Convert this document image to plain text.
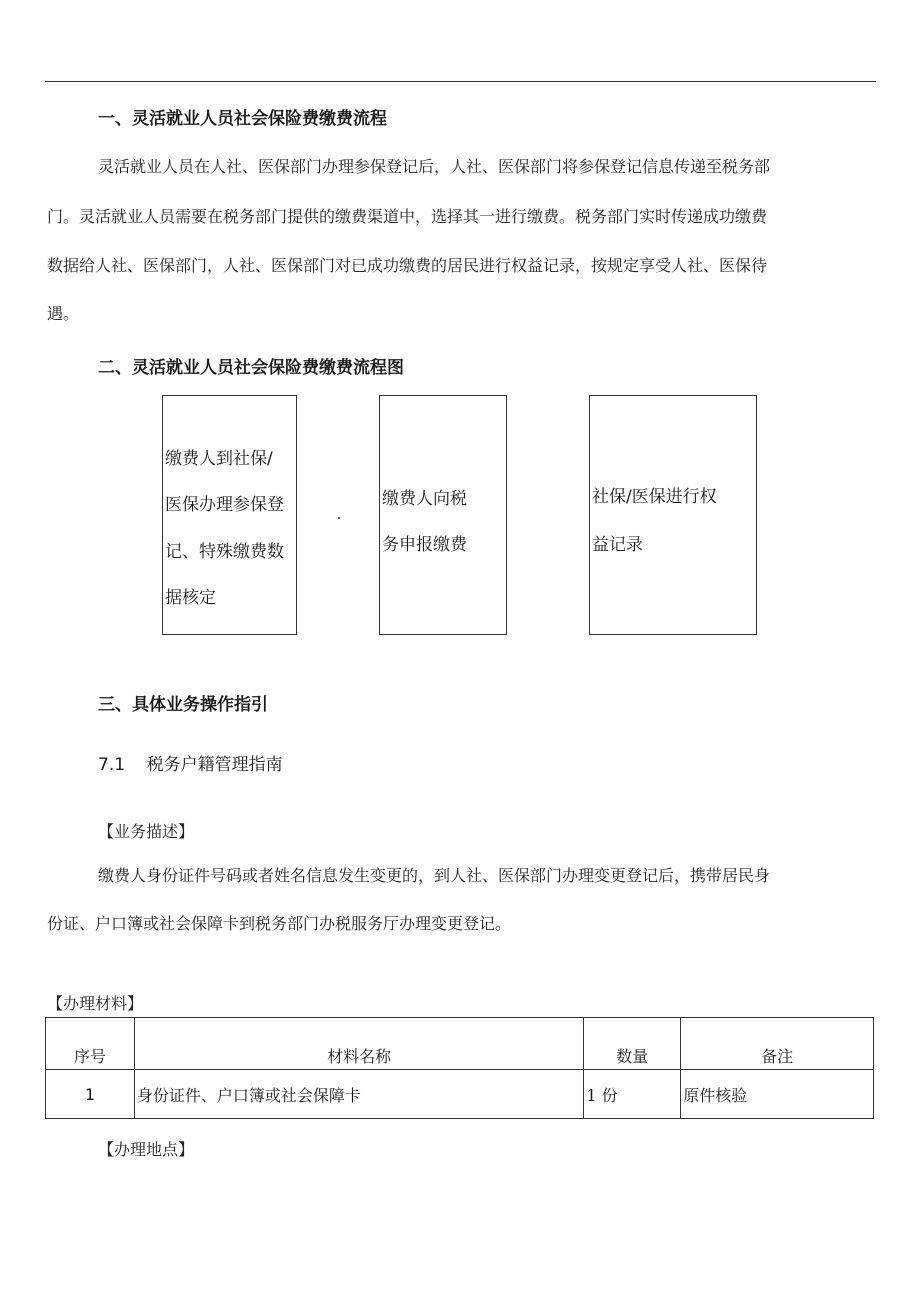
一、灵活就业人员社会保险费缴费流程
灵活就业人员在人社、医保部门办理参保登记后，人社、医保部门将参保登记信息传递至税务部
门。灵活就业人员需要在税务部门提供的缴费渠道中，选择其一进行缴费。税务部门实时传递成功缴费
数据给人社、医保部门，人社、医保部门对已成功缴费的居民进行权益记录，按规定享受人社、医保待
遇。
二、灵活就业人员社会保险费缴费流程图
缴费人到社保/
医保办理参保登
记、特殊缴费数
据核定
缴费人向税
务申报缴费
社保/医保进行权
益记录
三、具体业务操作指引
7.1    税务户籍管理指南
【业务描述】
缴费人身份证件号码或者姓名信息发生变更的，到人社、医保部门办理变更登记后，携带居民身
份证、户口簿或社会保障卡到税务部门办税服务厅办理变更登记。
【办理材料】
序号	材料名称	数量	备注
1	身份证件、户口簿或社会保障卡	1 份	原件核验
【办理地点】
